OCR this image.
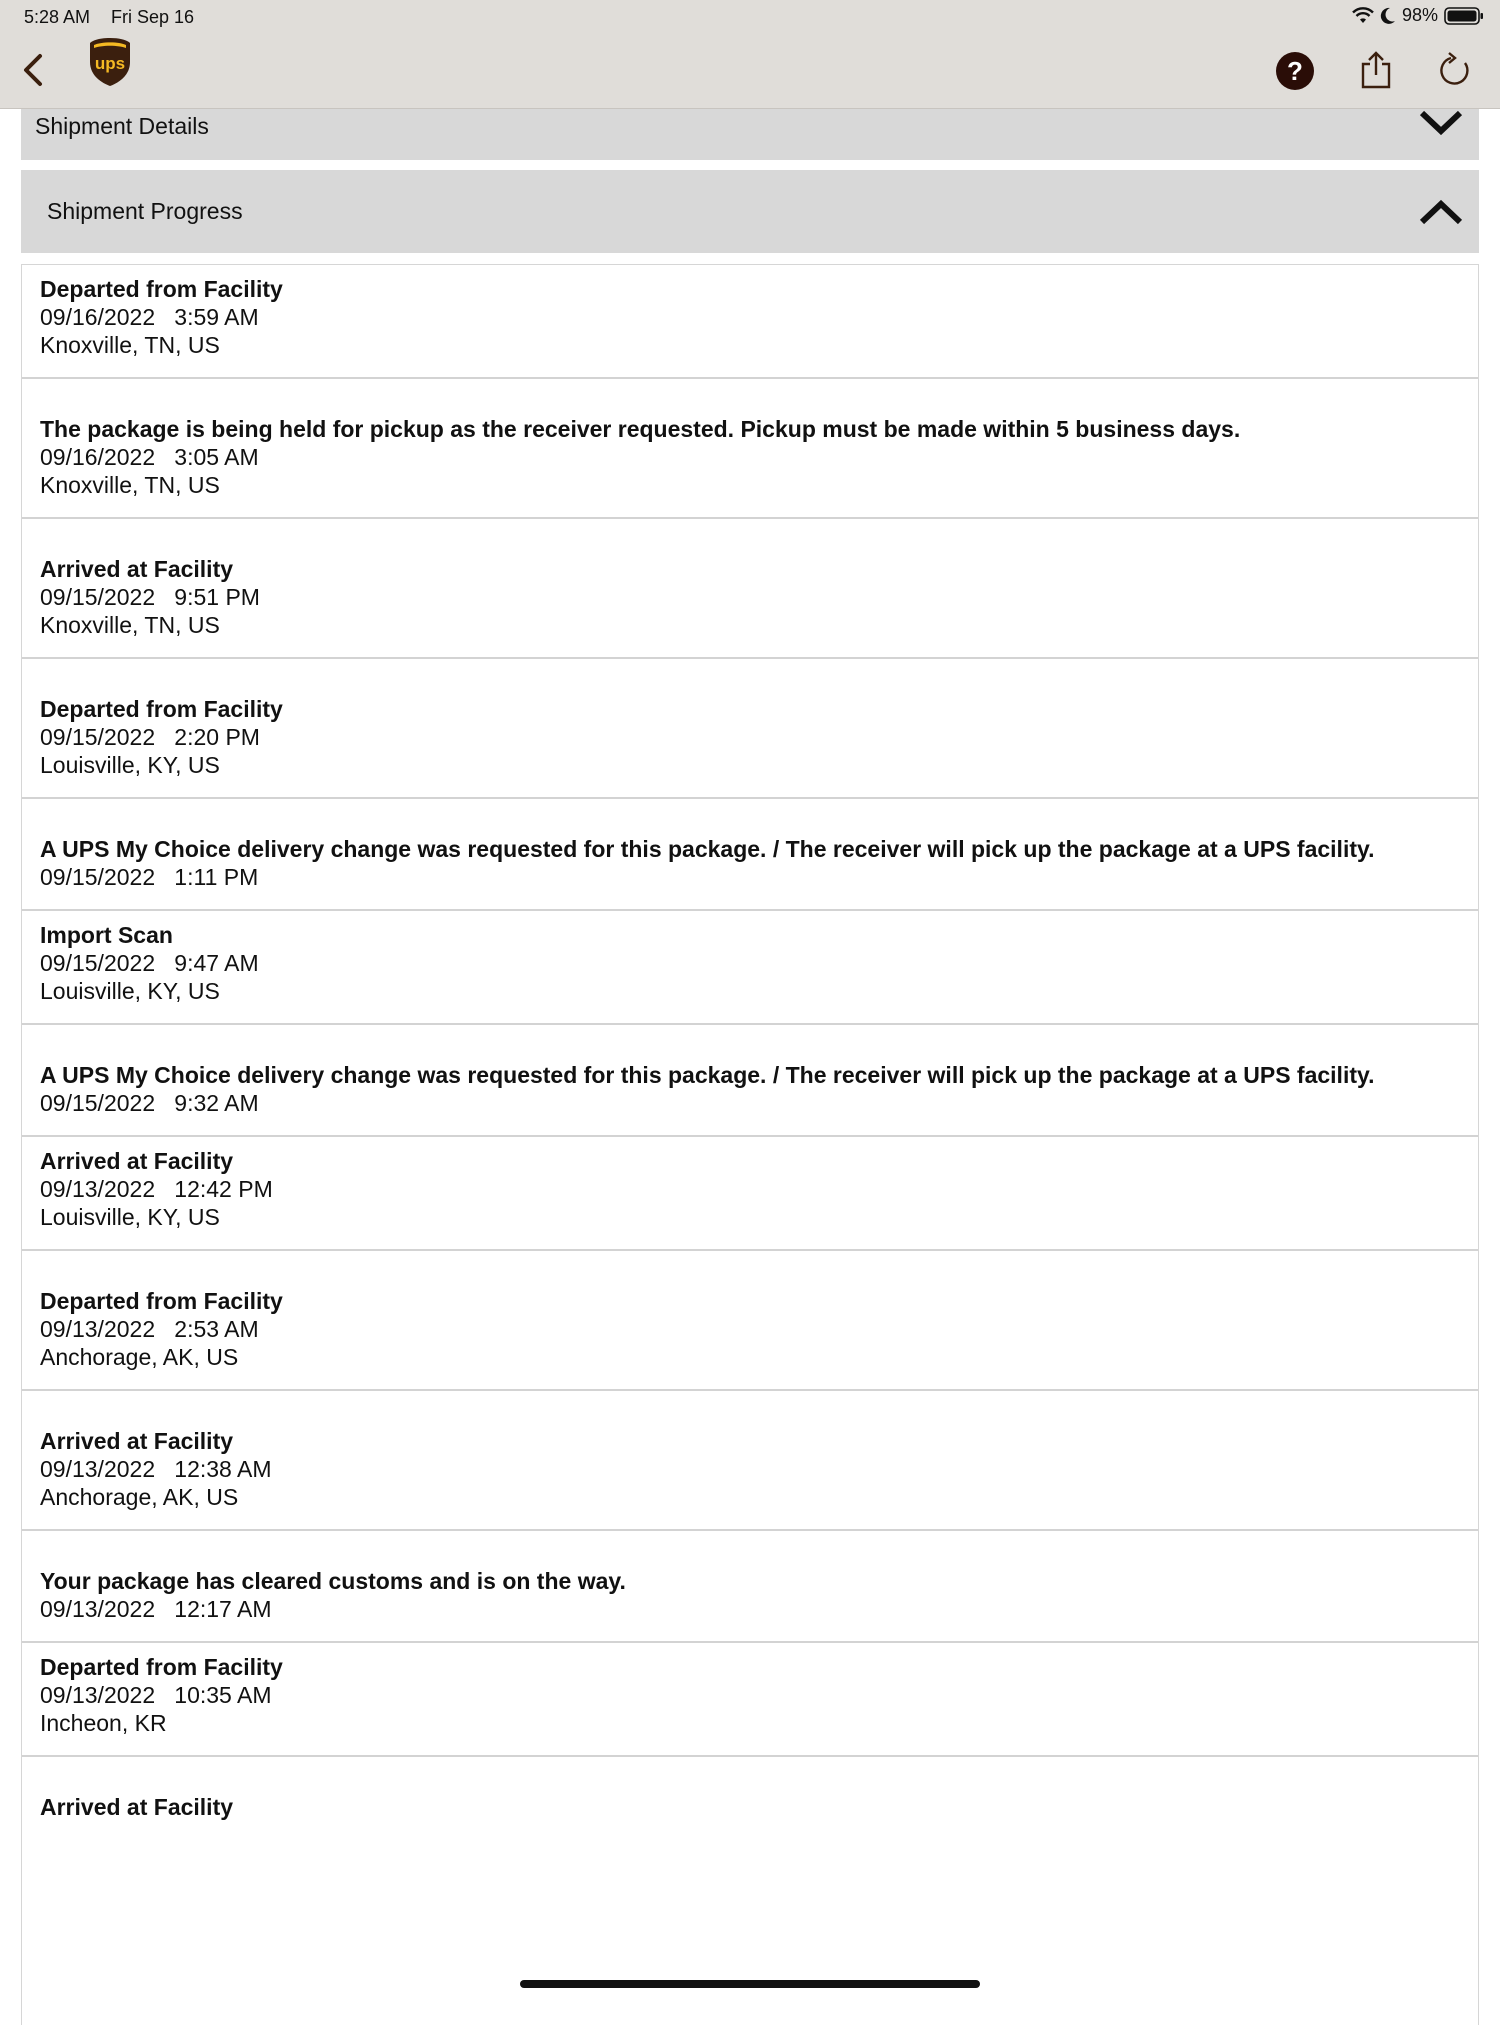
5:28 AM Fri Sep 16	98%
ups	?
Shipment Details
Shipment Progress
Departed from Facility
09/16/2022 3:59 AM
Knoxville, TN, US
The package is being held for pickup as the receiver requested. Pickup must be made within 5 business days.
09/16/2022 3:05 AM
Knoxville, TN, US
Arrived at Facility
09/15/2022 9:51 PM
Knoxville, TN, US
Departed from Facility
09/15/2022 2:20 PM
Louisville, KY, US
A UPS My Choice delivery change was requested for this package. / The receiver will pick up the package at a UPS facility.
09/15/2022 1:11 PM
Import Scan
09/15/2022 9:47 AM
Louisville, KY, US
A UPS My Choice delivery change was requested for this package. / The receiver will pick up the package at a UPS facility.
09/15/2022 9:32 AM
Arrived at Facility
09/13/2022 12:42 PM
Louisville, KY, US
Departed from Facility
09/13/2022 2:53 AM
Anchorage, AK, US
Arrived at Facility
09/13/2022 12:38 AM
Anchorage, AK, US
Your package has cleared customs and is on the way.
09/13/2022 12:17 AM
Departed from Facility
09/13/2022 10:35 AM
Incheon, KR
Arrived at Facility
